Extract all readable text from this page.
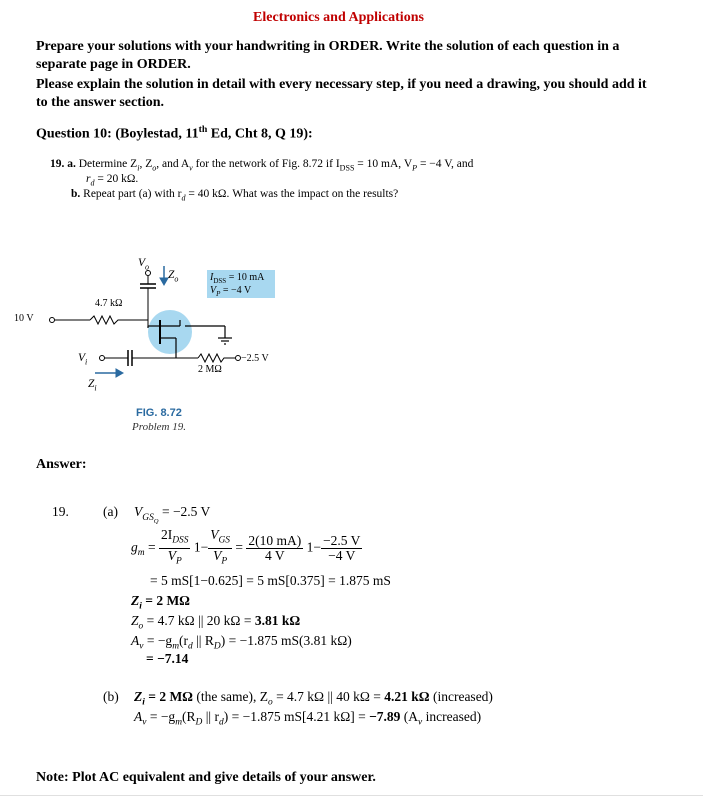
Electronics and Applications
Prepare your solutions with your handwriting in ORDER. Write the solution of each question in a separate page in ORDER.
Please explain the solution in detail with every necessary step, if you need a drawing, you should add it to the answer section.
Question 10: (Boylestad, 11th Ed, Cht 8, Q 19):
19. a. Determine $Z_i$, $Z_o$, and $A_v$ for the network of Fig. 8.72 if $I_{DSS} = 10$ mA, $V_P = -4$ V, and
$r_d = 20$ kΩ.
b. Repeat part (a) with $r_d = 40$ kΩ. What was the impact on the results?
$V_o$
$Z_o$
4.7 kΩ
10 V
$I_{DSS} = 10$ mA
$V_P = -4$ V
$V_i$
$Z_i$
2 MΩ
−2.5 V
FIG. 8.72
Problem 19.
Answer:
19.	(a) $V_{GS_Q} = -2.5$ V
$g_m = \frac{2I_{DSS}}{V_P} 1- \frac{V_{GS}}{V_P} = \frac{2(10 mA)}{4 V} 1- \frac{-2.5 V}{-4 V}$
= 5 mS[1−0.625] = 5 mS[0.375] = 1.875 mS
$Z_i = 2$ MΩ
$Z_o = 4.7$ kΩ || 20 kΩ = 3.81 kΩ
$A_v = -g_m(r_d$ || $R_D) = -1.875$ mS(3.81 kΩ)
= −7.14
(b) $Z_i = 2$ MΩ (the same), $Z_o = 4.7$ kΩ || 40 kΩ = 4.21 kΩ (increased)
$A_v = -g_m(R_D$ || $r_d) = -1.875$ mS[4.21 kΩ] = −7.89 ($A_v$ increased)
Note: Plot AC equivalent and give details of your answer.
